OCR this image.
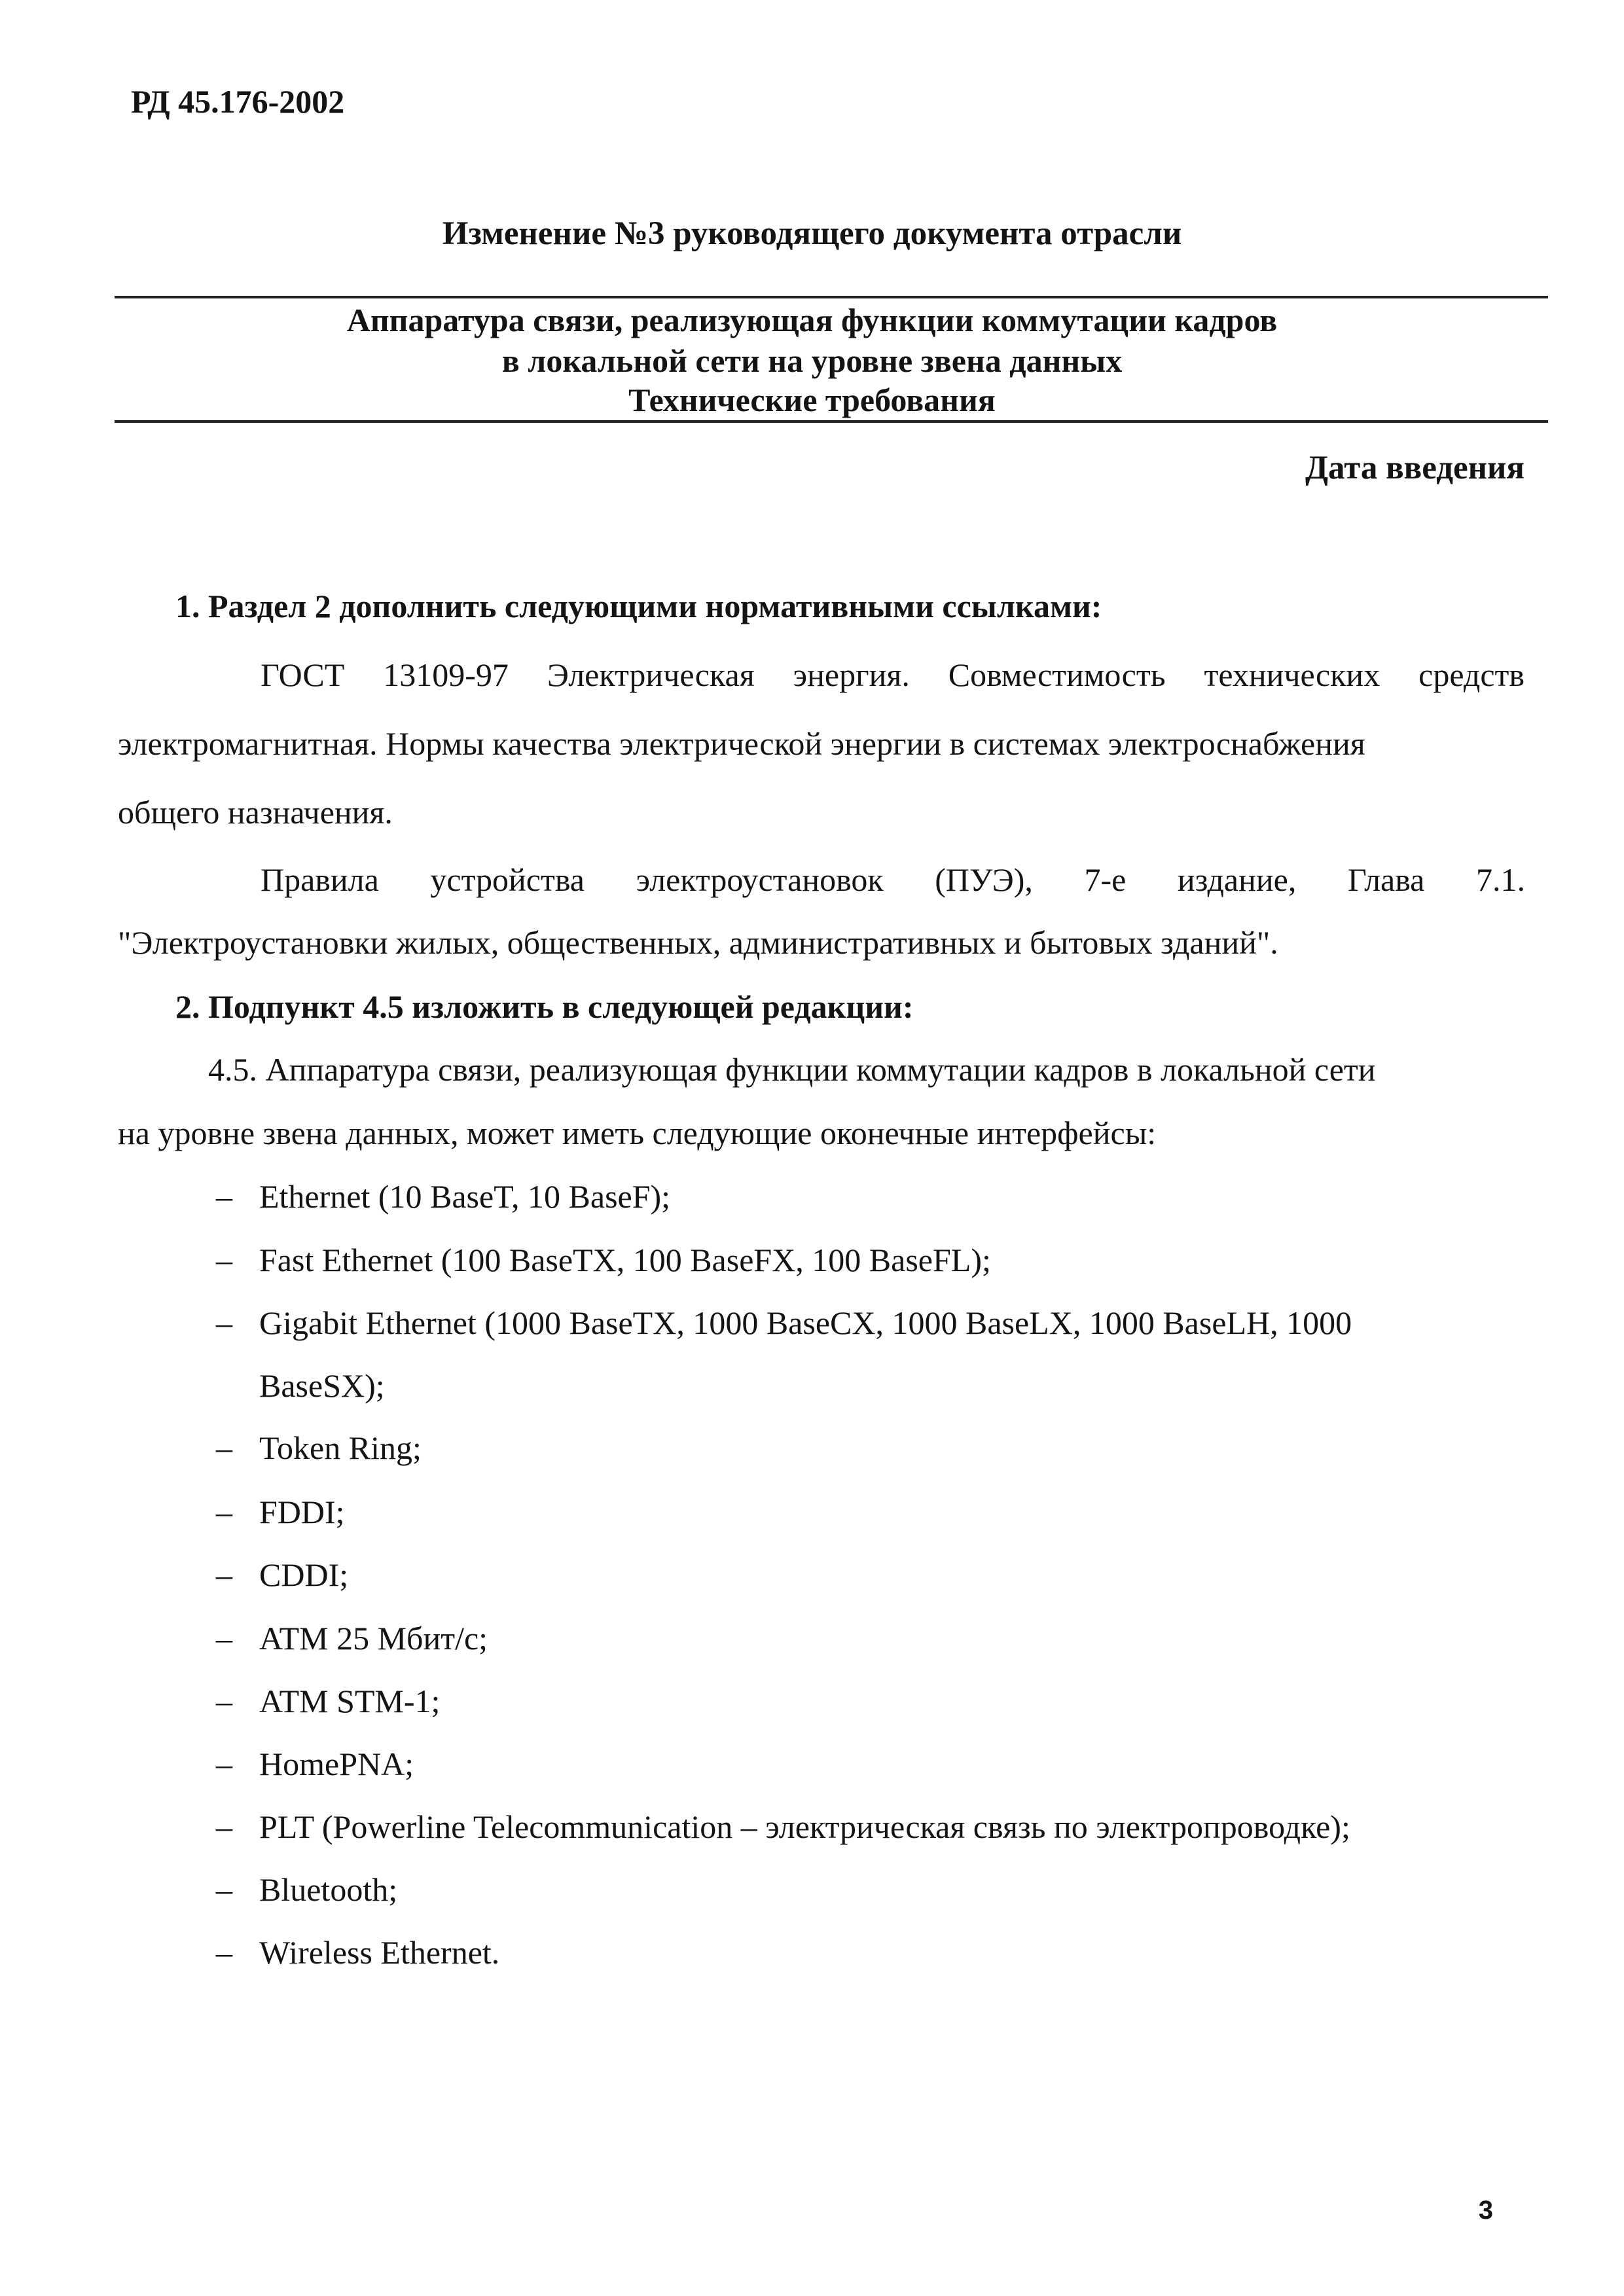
РД 45.176-2002
Изменение №3 руководящего документа отрасли
Аппаратура связи, реализующая функции коммутации кадров
в локальной сети на уровне звена данных
Технические требования
Дата введения
1. Раздел 2 дополнить следующими нормативными ссылками:
ГОСТ 13109-97 Электрическая энергия. Совместимость технических средств
электромагнитная. Нормы качества электрической энергии в системах электроснабжения
общего назначения.
Правила устройства электроустановок (ПУЭ), 7-е издание, Глава 7.1.
"Электроустановки жилых, общественных, административных и бытовых зданий".
2. Подпункт 4.5 изложить в следующей редакции:
4.5. Аппаратура связи, реализующая функции коммутации кадров в локальной сети
на уровне звена данных, может иметь следующие оконечные интерфейсы:
– Ethernet (10 BaseT, 10 BaseF);
– Fast Ethernet (100 BaseTX, 100 BaseFX, 100 BaseFL);
– Gigabit Ethernet (1000 BaseTX, 1000 BaseCX, 1000 BaseLX, 1000 BaseLH, 1000
BaseSX);
– Token Ring;
– FDDI;
– CDDI;
– ATM 25 Мбит/с;
– ATM STM-1;
– HomePNA;
– PLT (Powerline Telecommunication – электрическая связь по электропроводке);
– Bluetooth;
– Wireless Ethernet.
3
